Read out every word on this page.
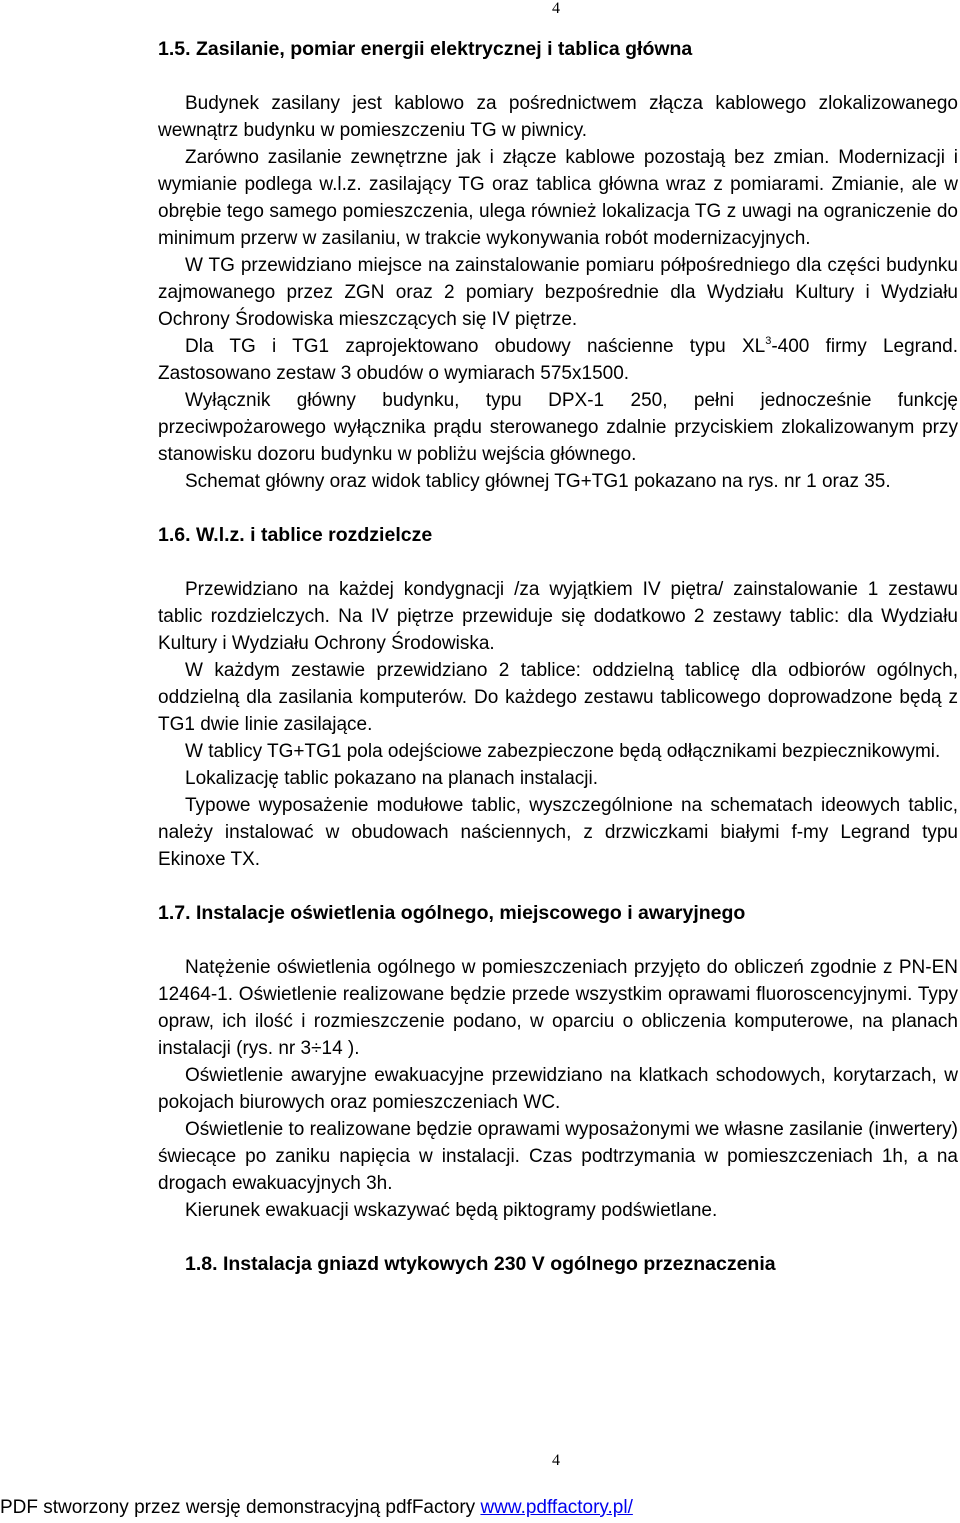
4
1.5. Zasilanie, pomiar energii elektrycznej i tablica główna

Budynek zasilany jest kablowo za pośrednictwem złącza kablowego zlokalizowanego wewnątrz budynku w pomieszczeniu TG w piwnicy.

Zarówno zasilanie zewnętrzne jak i złącze kablowe pozostają bez zmian. Modernizacji i wymianie podlega w.l.z. zasilający TG oraz tablica główna wraz z pomiarami. Zmianie, ale w obrębie tego samego pomieszczenia, ulega również lokalizacja TG z uwagi na ograniczenie do minimum przerw w zasilaniu, w trakcie wykonywania robót modernizacyjnych.

W TG przewidziano miejsce na zainstalowanie pomiaru półpośredniego dla części budynku zajmowanego przez ZGN oraz 2 pomiary bezpośrednie dla Wydziału Kultury i Wydziału Ochrony Środowiska mieszczących się IV piętrze.

Dla TG i TG1 zaprojektowano obudowy naścienne typu $XL^3-400$ firmy Legrand. Zastosowano zestaw 3 obudów o wymiarach 575x1500.

Wyłącznik główny budynku, typu DPX-1 250, pełni jednocześnie funkcję przeciwpożarowego wyłącznika prądu sterowanego zdalnie przyciskiem zlokalizowanym przy stanowisku dozoru budynku w pobliżu wejścia głównego.

Schemat główny oraz widok tablicy głównej TG+TG1 pokazano na rys. nr 1 oraz 35.

1.6. W.l.z. i tablice rozdzielcze

Przewidziano na każdej kondygnacji /za wyjątkiem IV piętra/ zainstalowanie 1 zestawu tablic rozdzielczych. Na IV piętrze przewiduje się dodatkowo 2 zestawy tablic: dla Wydziału Kultury i Wydziału Ochrony Środowiska.

W każdym zestawie przewidziano 2 tablice: oddzielną tablicę dla odbiorów ogólnych, oddzielną dla zasilania komputerów. Do każdego zestawu tablicowego doprowadzone będą z TG1 dwie linie zasilające.

W tablicy TG+TG1 pola odejściowe zabezpieczone będą odłącznikami bezpiecznikowymi.

Lokalizację tablic pokazano na planach instalacji.

Typowe wyposażenie modułowe tablic, wyszczególnione na schematach ideowych tablic, należy instalować w obudowach naściennych, z drzwiczkami białymi f-my Legrand typu Ekinoxe TX.

1.7. Instalacje oświetlenia ogólnego, miejscowego i awaryjnego

Natężenie oświetlenia ogólnego w pomieszczeniach przyjęto do obliczeń zgodnie z PN-EN 12464-1. Oświetlenie realizowane będzie przede wszystkim oprawami fluoroscencyjnymi. Typy opraw, ich ilość i rozmieszczenie podano, w oparciu o obliczenia komputerowe, na planach instalacji (rys. nr 3÷14 ).

Oświetlenie awaryjne ewakuacyjne przewidziano na klatkach schodowych, korytarzach, w pokojach biurowych oraz pomieszczeniach WC.

Oświetlenie to realizowane będzie oprawami wyposażonymi we własne zasilanie (inwertery) świecące po zaniku napięcia w instalacji. Czas podtrzymania w pomieszczeniach 1h, a na drogach ewakuacyjnych 3h.

Kierunek ewakuacji wskazywać będą piktogramy podświetlane.

1.8. Instalacja gniazd wtykowych 230 V ogólnego przeznaczenia
4
PDF stworzony przez wersję demonstracyjną pdfFactory www.pdffactory.pl/
